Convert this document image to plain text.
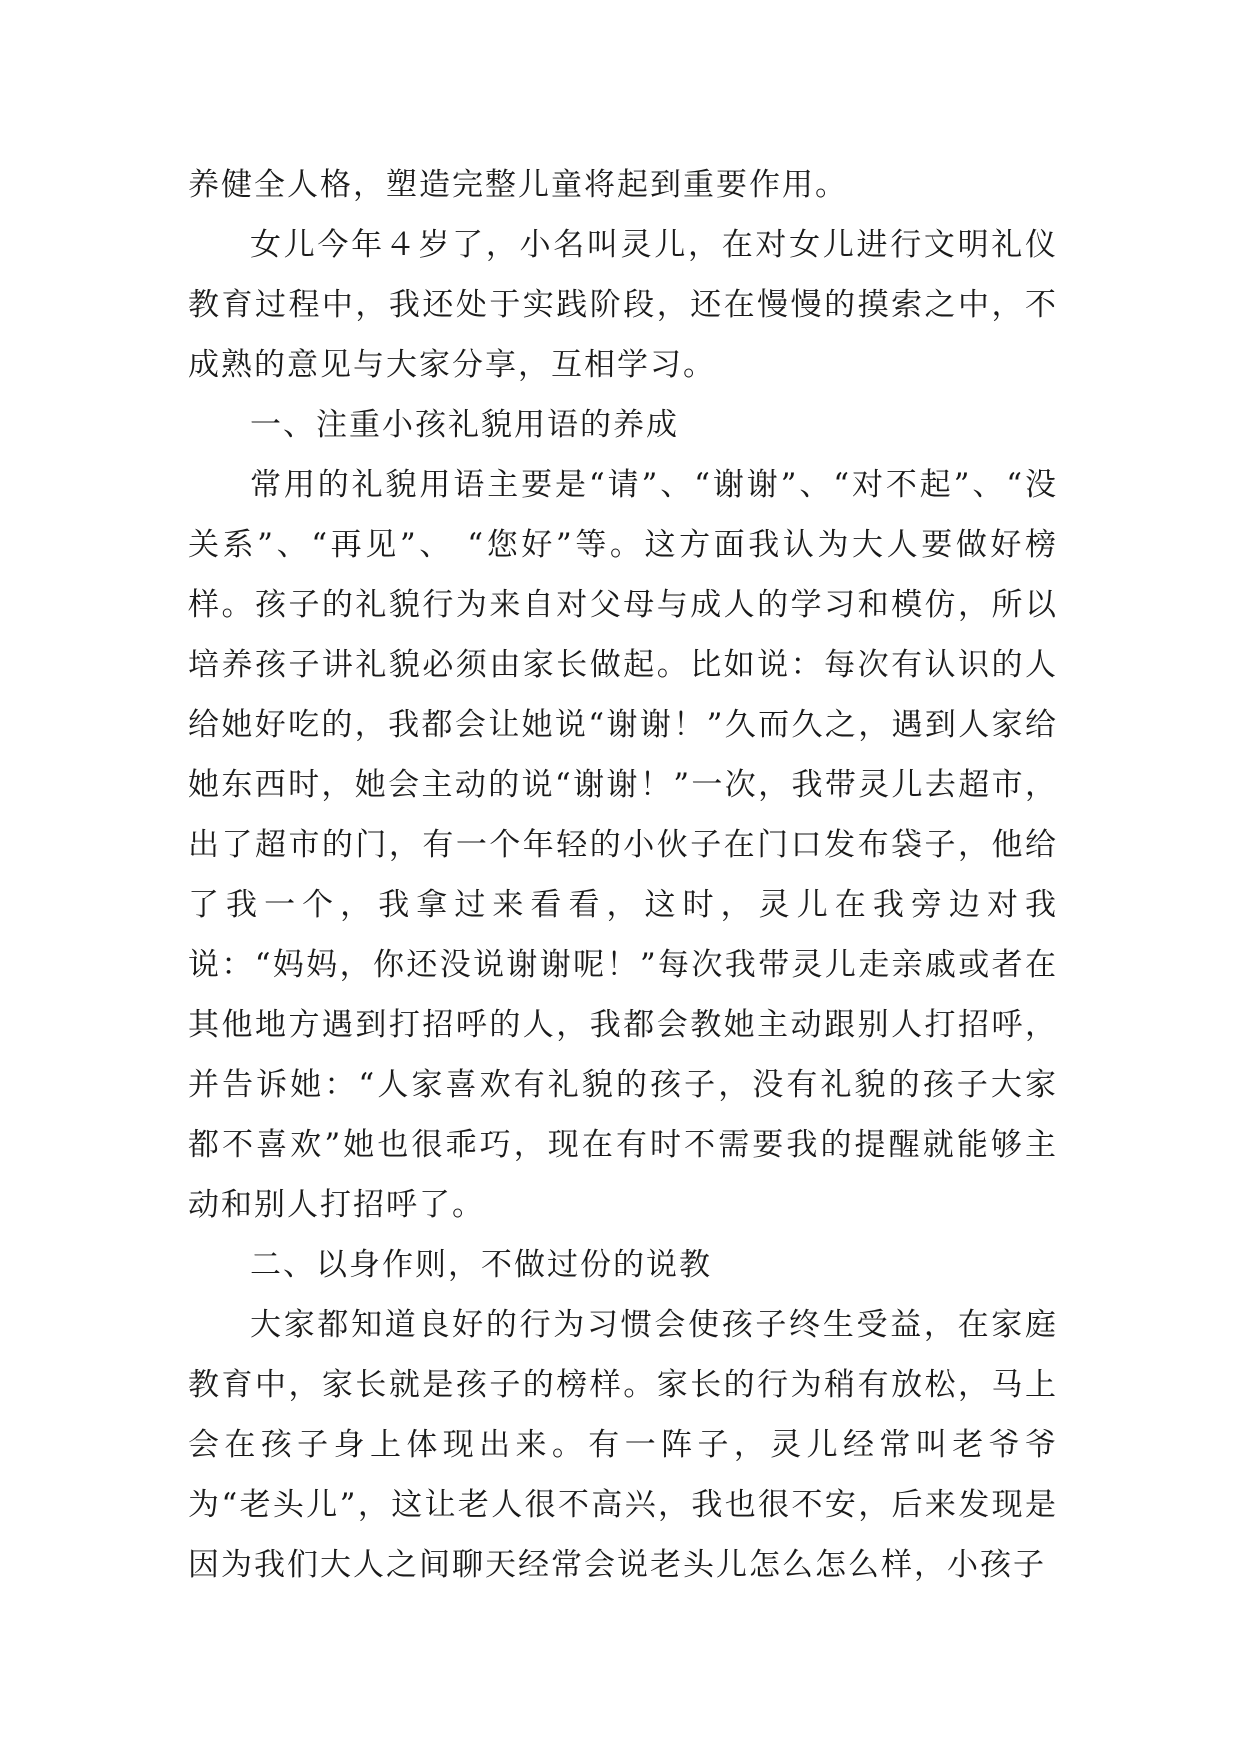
养健全人格，塑造完整儿童将起到重要作用。

女儿今年４岁了，小名叫灵儿，在对女儿进行文明礼仪教育过程中，我还处于实践阶段，还在慢慢的摸索之中，不成熟的意见与大家分享，互相学习。

一、注重小孩礼貌用语的养成

常用的礼貌用语主要是“请”、“谢谢”、“对不起”、“没关系”、“再见”、 “您好”等。这方面我认为大人要做好榜样。孩子的礼貌行为来自对父母与成人的学习和模仿，所以培养孩子讲礼貌必须由家长做起。比如说：每次有认识的人给她好吃的，我都会让她说“谢谢！”久而久之，遇到人家给她东西时，她会主动的说“谢谢！”一次，我带灵儿去超市，出了超市的门，有一个年轻的小伙子在门口发布袋子，他给了我一个，我拿过来看看，这时，灵儿在我旁边对我说：“妈妈，你还没说谢谢呢！”每次我带灵儿走亲戚或者在其他地方遇到打招呼的人，我都会教她主动跟别人打招呼，并告诉她：“人家喜欢有礼貌的孩子，没有礼貌的孩子大家都不喜欢”她也很乖巧，现在有时不需要我的提醒就能够主动和别人打招呼了。

二、以身作则，不做过份的说教

大家都知道良好的行为习惯会使孩子终生受益，在家庭教育中，家长就是孩子的榜样。家长的行为稍有放松，马上会在孩子身上体现出来。有一阵子，灵儿经常叫老爷爷为“老头儿”，这让老人很不高兴，我也很不安，后来发现是因为我们大人之间聊天经常会说老头儿怎么怎么样，小孩子
